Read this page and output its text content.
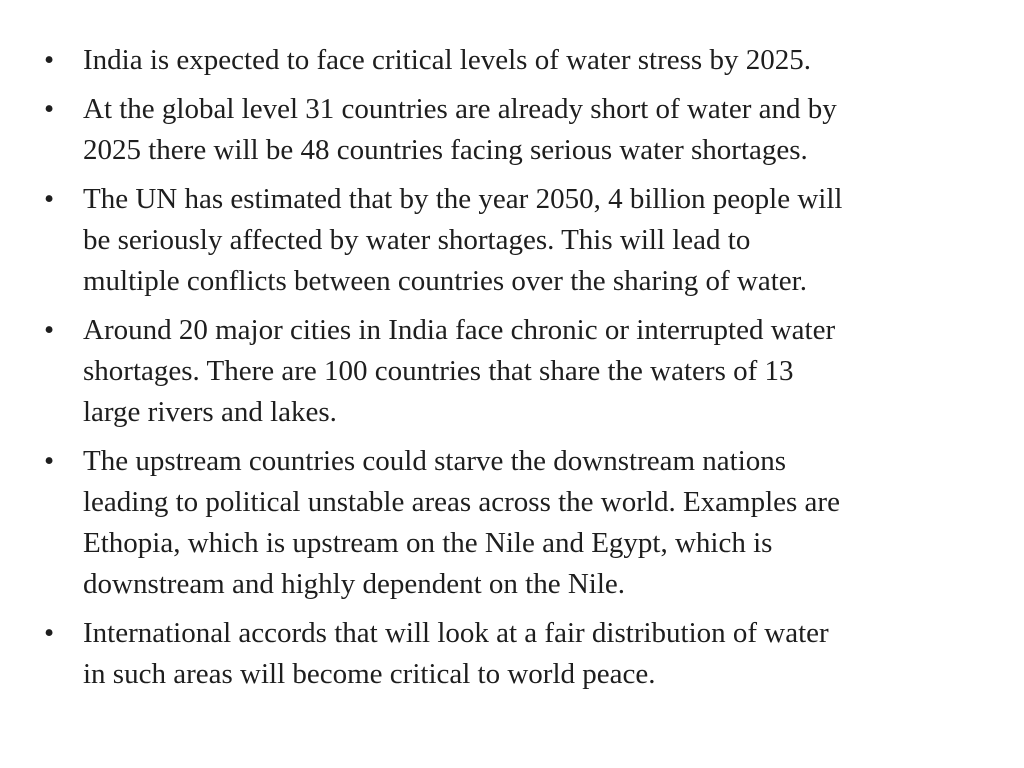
• India is expected to face critical levels of water stress by 2025.
• At the global level 31 countries are already short of water and by
2025 there will be 48 countries facing serious water shortages.
• The UN has estimated that by the year 2050, 4 billion people will
be seriously affected by water shortages. This will lead to
multiple conflicts between countries over the sharing of water.
• Around 20 major cities in India face chronic or interrupted water
shortages. There are 100 countries that share the waters of 13
large rivers and lakes.
• The upstream countries could starve the downstream nations
leading to political unstable areas across the world. Examples are
Ethopia, which is upstream on the Nile and Egypt, which is
downstream and highly dependent on the Nile.
• International accords that will look at a fair distribution of water
in such areas will become critical to world peace.
